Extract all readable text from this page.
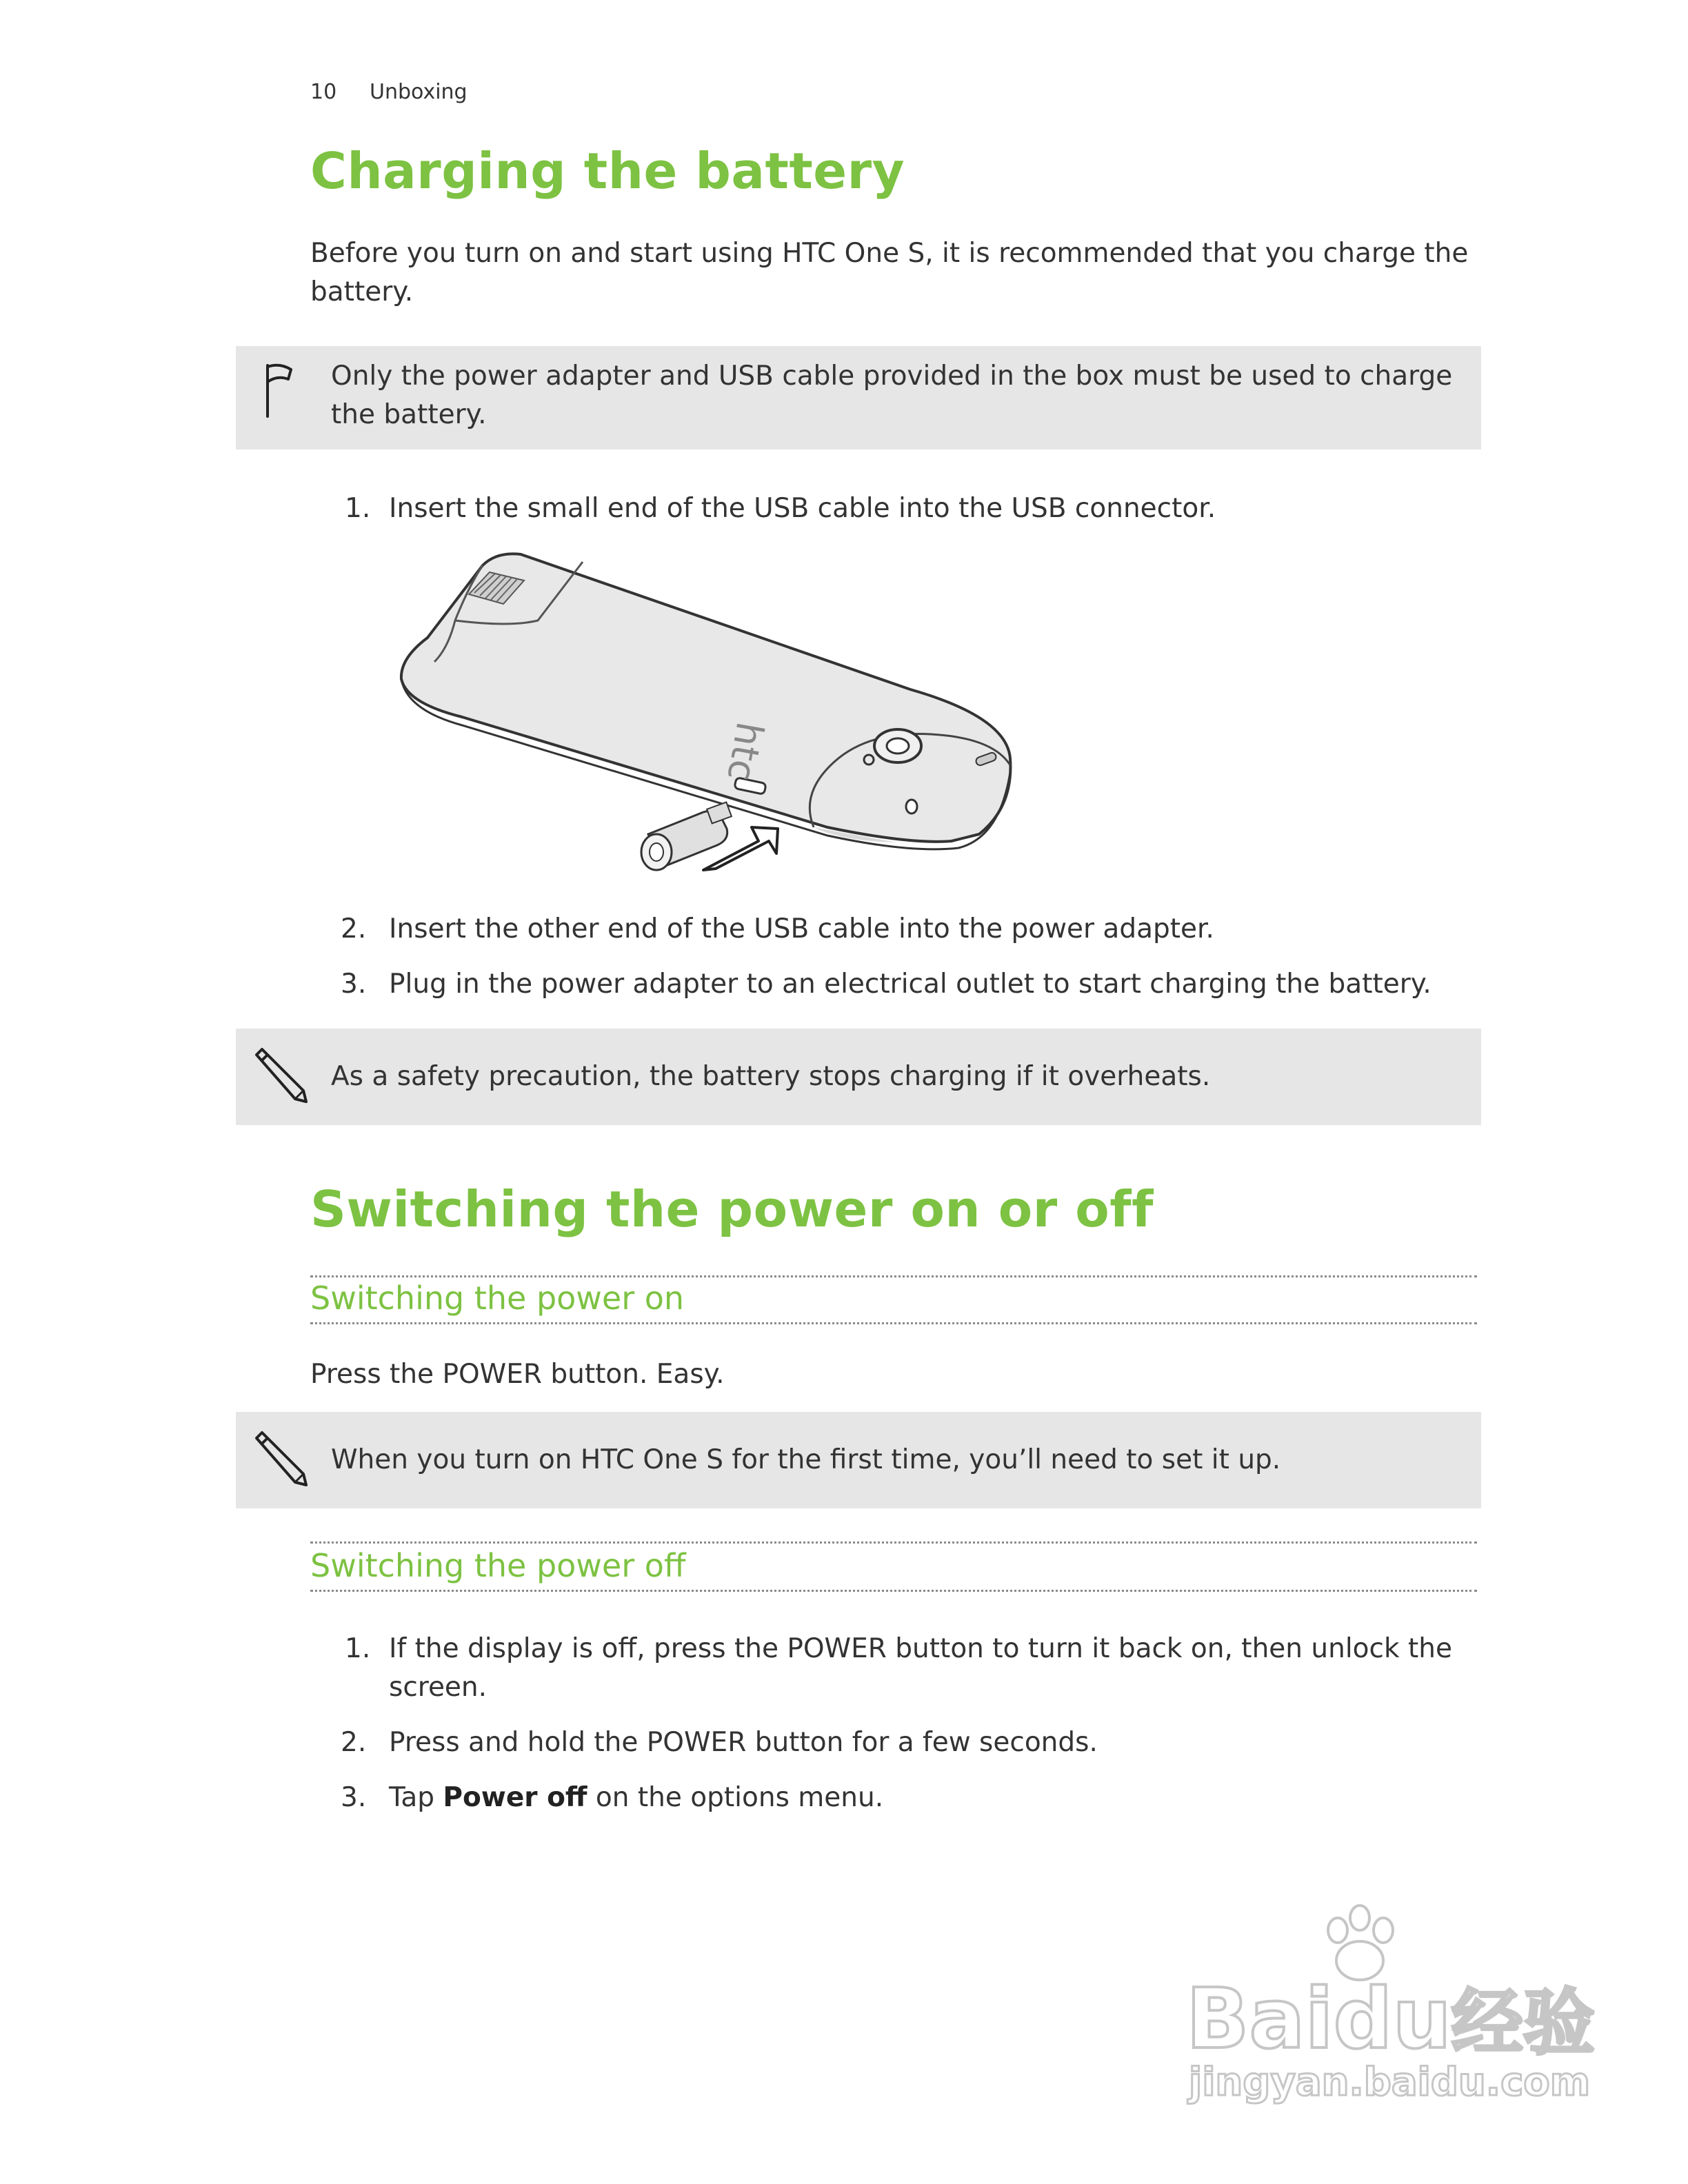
10 Unboxing
Charging the battery
Before you turn on and start using HTC One S, it is recommended that you charge the
battery.
Only the power adapter and USB cable provided in the box must be used to charge
the battery.
1. Insert the small end of the USB cable into the USB connector.
htc
2. Insert the other end of the USB cable into the power adapter.
3. Plug in the power adapter to an electrical outlet to start charging the battery.
As a safety precaution, the battery stops charging if it overheats.
Switching the power on or off
Switching the power on
Press the POWER button. Easy.
When you turn on HTC One S for the first time, you’ll need to set it up.
Switching the power off
1. If the display is off, press the POWER button to turn it back on, then unlock the
screen.
2. Press and hold the POWER button for a few seconds.
3. Tap Power off on the options menu.
Baidu经验
jingyan.baidu.com
